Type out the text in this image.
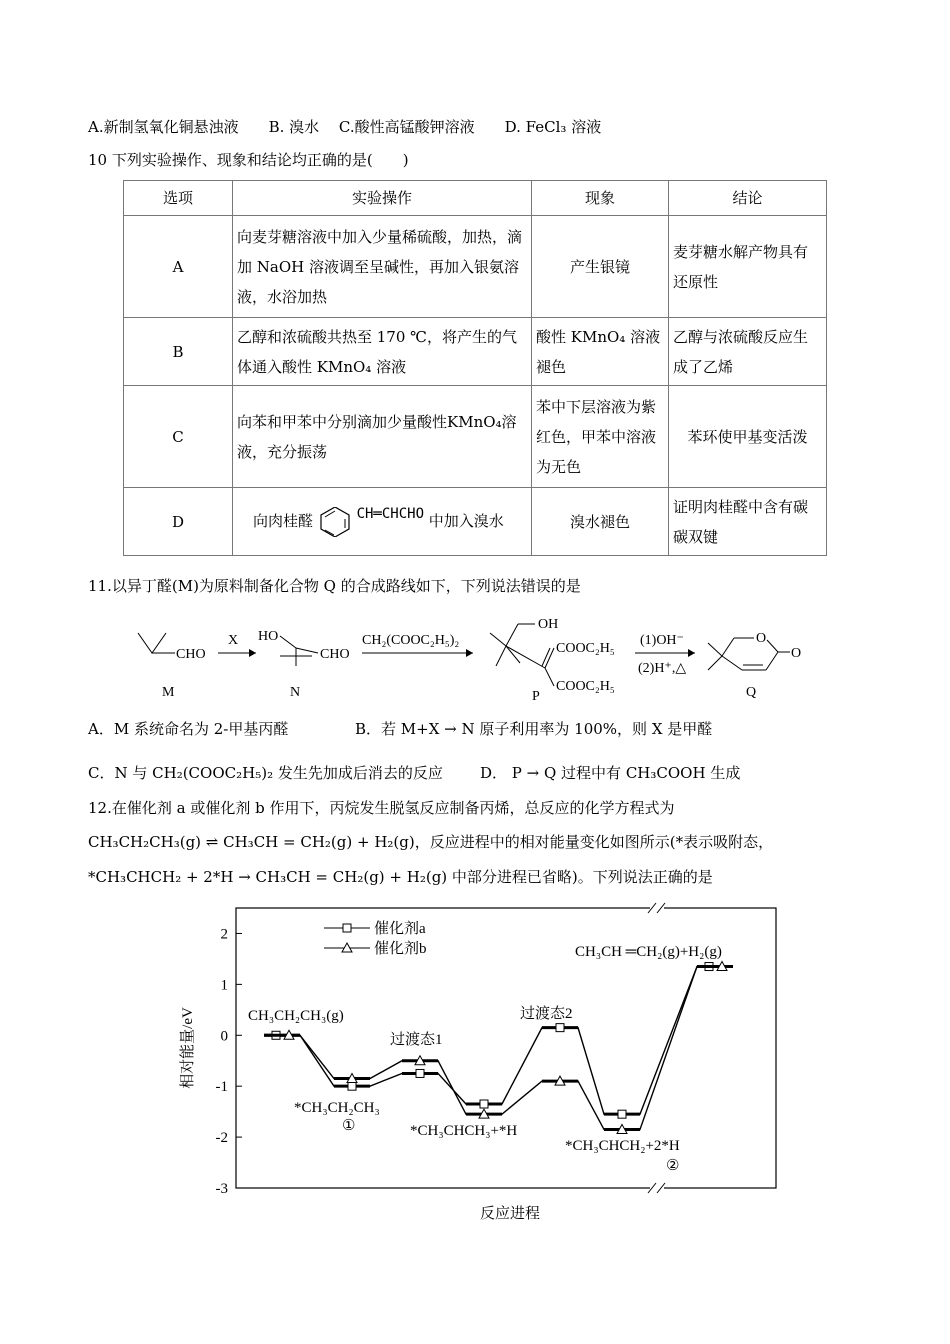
A.新制氢氧化铜悬浊液　　B. 溴水　 C.酸性高锰酸钾溶液　　D. FeCl₃ 溶液
10 下列实验操作、现象和结论均正确的是(　　)
选项	实验操作	现象	结论
A	向麦芽糖溶液中加入少量稀硫酸，加热，滴加 NaOH 溶液调至呈碱性，再加入银氨溶液，水浴加热	产生银镜	麦芽糖水解产物具有还原性
B	乙醇和浓硫酸共热至 170 ℃，将产生的气体通入酸性 KMnO₄ 溶液	酸性 KMnO₄ 溶液褪色	乙醇与浓硫酸反应生成了乙烯
C	向苯和甲苯中分别滴加少量酸性KMnO₄溶液，充分振荡	苯中下层溶液为紫红色，甲苯中溶液为无色	苯环使甲基变活泼
D	向肉桂醛 CH═CHCHO 中加入溴水	溴水褪色	证明肉桂醛中含有碳碳双键
11.以异丁醛(M)为原料制备化合物 Q 的合成路线如下，下列说法错误的是
CHO
M
X HO
CHO
N
CH₂(COOC₂H₅)₂
OH
COOC₂H₅
COOC₂H₅
P
(1)OH⁻
(2)H⁺,△
O
O
Q
A．M 系统命名为 2-甲基丙醛	B．若 M+X → N 原子利用率为 100%，则 X 是甲醛
C．N 与 CH₂(COOC₂H₅)₂ 发生先加成后消去的反应 D． P → Q 过程中有 CH₃COOH 生成
12.在催化剂 a 或催化剂 b 作用下，丙烷发生脱氢反应制备丙烯，总反应的化学方程式为
CH₃CH₂CH₃(g) ⇌ CH₃CH = CH₂(g) + H₂(g)，反应进程中的相对能量变化如图所示(*表示吸附态，
*CH₃CHCH₂ + 2*H → CH₃CH = CH₂(g) + H₂(g) 中部分进程已省略)。下列说法正确的是
2
1
0
-1
-2
-3
相对能量/eV
反应进程
催化剂a
催化剂b
CH₃CH₂CH₃(g)
*CH₃CH₂CH₃
①
过渡态1
*CH₃CHCH₃+*H
过渡态2
*CH₃CHCH₂+2*H
②
CH₃CH ═CH₂(g)+H₂(g)
